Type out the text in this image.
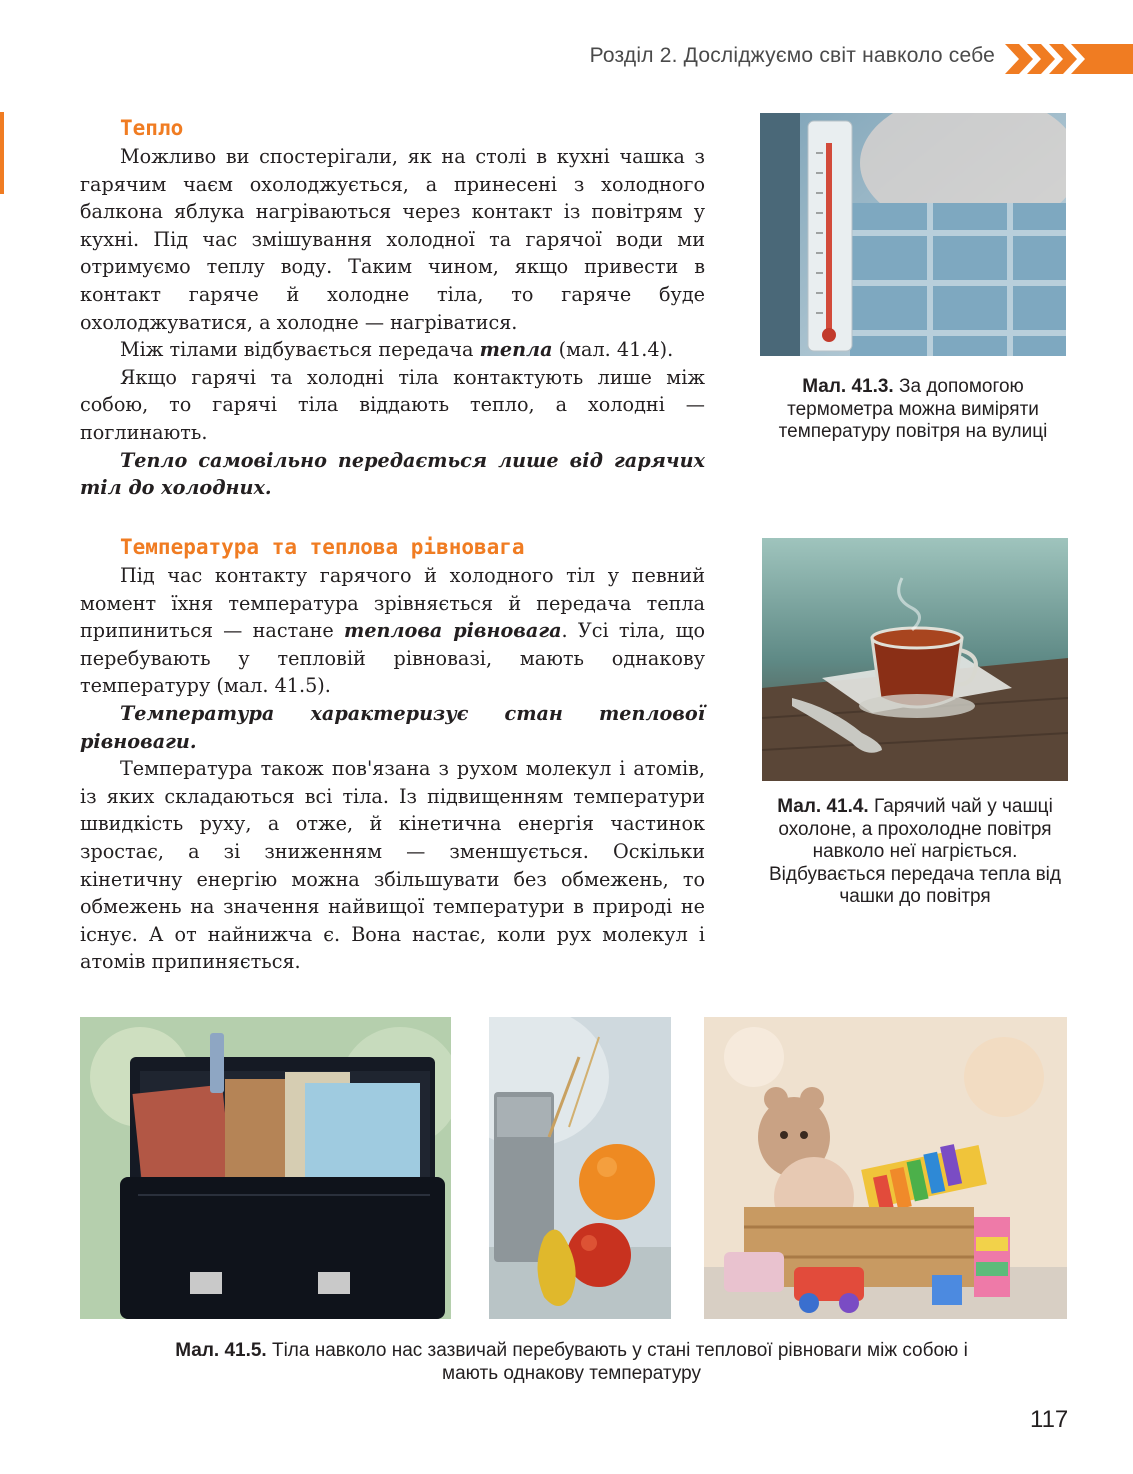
Розділ 2. Досліджуємо світ навколо себе
Тепло

Можливо ви спостерігали, як на столі в кухні чашка з гарячим чаєм охолоджується, а принесені з холодного балкона яблука нагріваються через контакт із повітрям у кухні. Під час змішування холодної та гарячої води ми отримуємо теплу воду. Таким чином, якщо привести в контакт гаряче й холодне тіла, то гаряче буде охолоджуватися, а холодне — нагріватися.

Між тілами відбувається передача тепла (мал. 41.4).

Якщо гарячі та холодні тіла контактують лише між собою, то гарячі тіла віддають тепло, а холодні — поглинають.

Тепло самовільно передається лише від гарячих тіл до холодних.

Температура та теплова рівновага

Під час контакту гарячого й холодного тіл у певний момент їхня температура зрівняється й передача тепла припиниться — настане теплова рівновага. Усі тіла, що перебувають у тепловій рівновазі, мають однакову температуру (мал. 41.5).

Температура характеризує стан теплової рівноваги.

Температура також пов'язана з рухом молекул і атомів, із яких складаються всі тіла. Із підвищенням температури швидкість руху, а отже, й кінетична енергія частинок зростає, а зі зниженням — зменшується. Оскільки кінетичну енергію можна збільшувати без обмежень, то обмежень на значення найвищої температури в природі не існує. А от найнижча є. Вона настає, коли рух молекул і атомів припиняється.

Мал. 41.3. За допомогою термометра можна виміряти температуру повітря на вулиці
Мал. 41.4. Гарячий чай у чашці охолоне, а прохолодне повітря навколо неї нагріється. Відбувається передача тепла від чашки до повітря
Мал. 41.5. Тіла навколо нас зазвичай перебувають у стані теплової рівноваги між собою і мають однакову температуру
117
